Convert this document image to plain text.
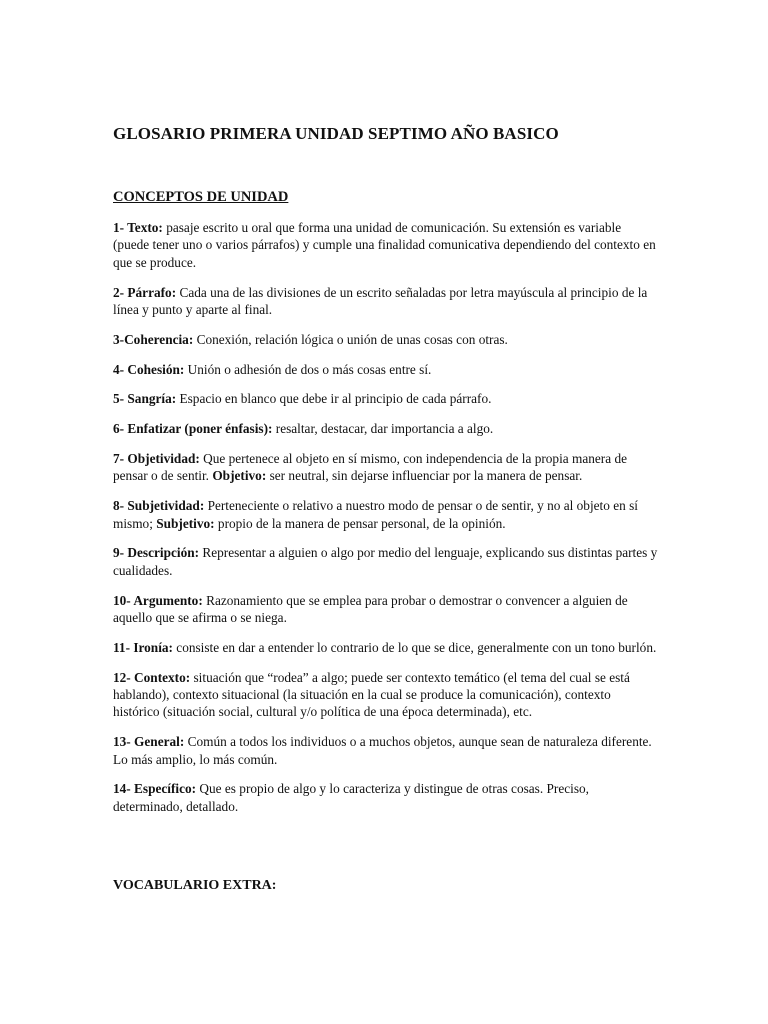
GLOSARIO PRIMERA UNIDAD SEPTIMO AÑO BASICO
CONCEPTOS DE UNIDAD

1- Texto: pasaje escrito u oral que forma una unidad de comunicación. Su extensión es variable (puede tener uno o varios párrafos) y cumple una finalidad comunicativa dependiendo del contexto en que se produce.

2- Párrafo: Cada una de las divisiones de un escrito señaladas por letra mayúscula al principio de la línea y punto y aparte al final.

3-Coherencia: Conexión, relación lógica o unión de unas cosas con otras.

4- Cohesión: Unión o adhesión de dos o más cosas entre sí.

5- Sangría: Espacio en blanco que debe ir al principio de cada párrafo.

6- Enfatizar (poner énfasis): resaltar, destacar, dar importancia a algo.

7- Objetividad: Que pertenece al objeto en sí mismo, con independencia de la propia manera de pensar o de sentir. Objetivo: ser neutral, sin dejarse influenciar por la manera de pensar.

8- Subjetividad: Perteneciente o relativo a nuestro modo de pensar o de sentir, y no al objeto en sí mismo; Subjetivo: propio de la manera de pensar personal, de la opinión.

9- Descripción: Representar a alguien o algo por medio del lenguaje, explicando sus distintas partes y cualidades.

10- Argumento: Razonamiento que se emplea para probar o demostrar o convencer a alguien de aquello que se afirma o se niega.

11- Ironía: consiste en dar a entender lo contrario de lo que se dice, generalmente con un tono burlón.

12- Contexto: situación que “rodea” a algo; puede ser contexto temático (el tema del cual se está hablando), contexto situacional (la situación en la cual se produce la comunicación), contexto histórico (situación social, cultural y/o política de una época determinada), etc.

13- General: Común a todos los individuos o a muchos objetos, aunque sean de naturaleza diferente. Lo más amplio, lo más común.

14- Específico: Que es propio de algo y lo caracteriza y distingue de otras cosas. Preciso, determinado, detallado.

VOCABULARIO EXTRA:
